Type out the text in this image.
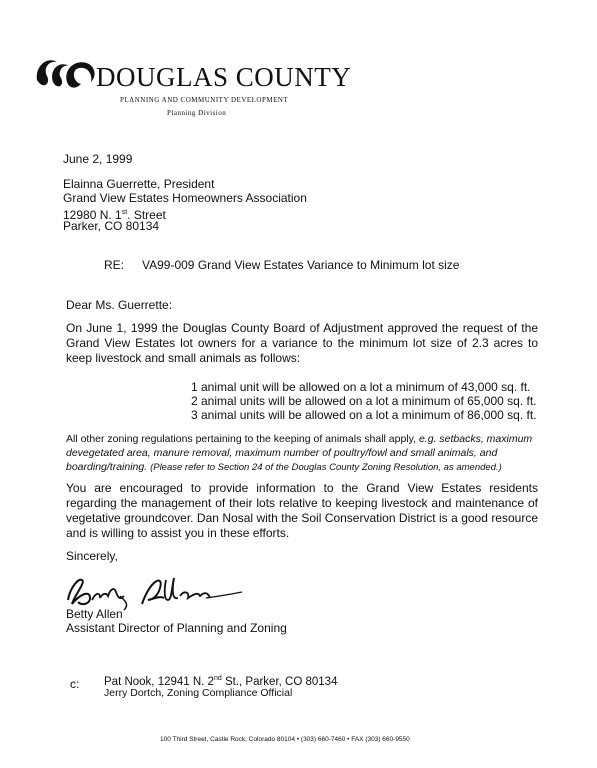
DOUGLAS COUNTY
PLANNING AND COMMUNITY DEVELOPMENT
Planning Division
June 2, 1999
Elainna Guerrette, President
Grand View Estates Homeowners Association
12980 N. 1st. Street
Parker, CO 80134
RE: VA99-009 Grand View Estates Variance to Minimum lot size
Dear Ms. Guerrette:
On June 1, 1999 the Douglas County Board of Adjustment approved the request of the Grand View Estates lot owners for a variance to the minimum lot size of 2.3 acres to keep livestock and small animals as follows:
1 animal unit will be allowed on a lot a minimum of 43,000 sq. ft.
2 animal units will be allowed on a lot a minimum of 65,000 sq. ft.
3 animal units will be allowed on a lot a minimum of 86,000 sq. ft.
All other zoning regulations pertaining to the keeping of animals shall apply, e.g. setbacks, maximum devegetated area, manure removal, maximum number of poultry/fowl and small animals, and boarding/training. (Please refer to Section 24 of the Douglas County Zoning Resolution, as amended.)
You are encouraged to provide information to the Grand View Estates residents regarding the management of their lots relative to keeping livestock and maintenance of vegetative groundcover. Dan Nosal with the Soil Conservation District is a good resource and is willing to assist you in these efforts.
Sincerely,
Betty Allen
Assistant Director of Planning and Zoning
c: Pat Nook, 12941 N. 2nd St., Parker, CO 80134
Jerry Dortch, Zoning Compliance Official
100 Third Street, Castle Rock, Colorado 80104 • (303) 660-7460 • FAX (303) 660-9550
